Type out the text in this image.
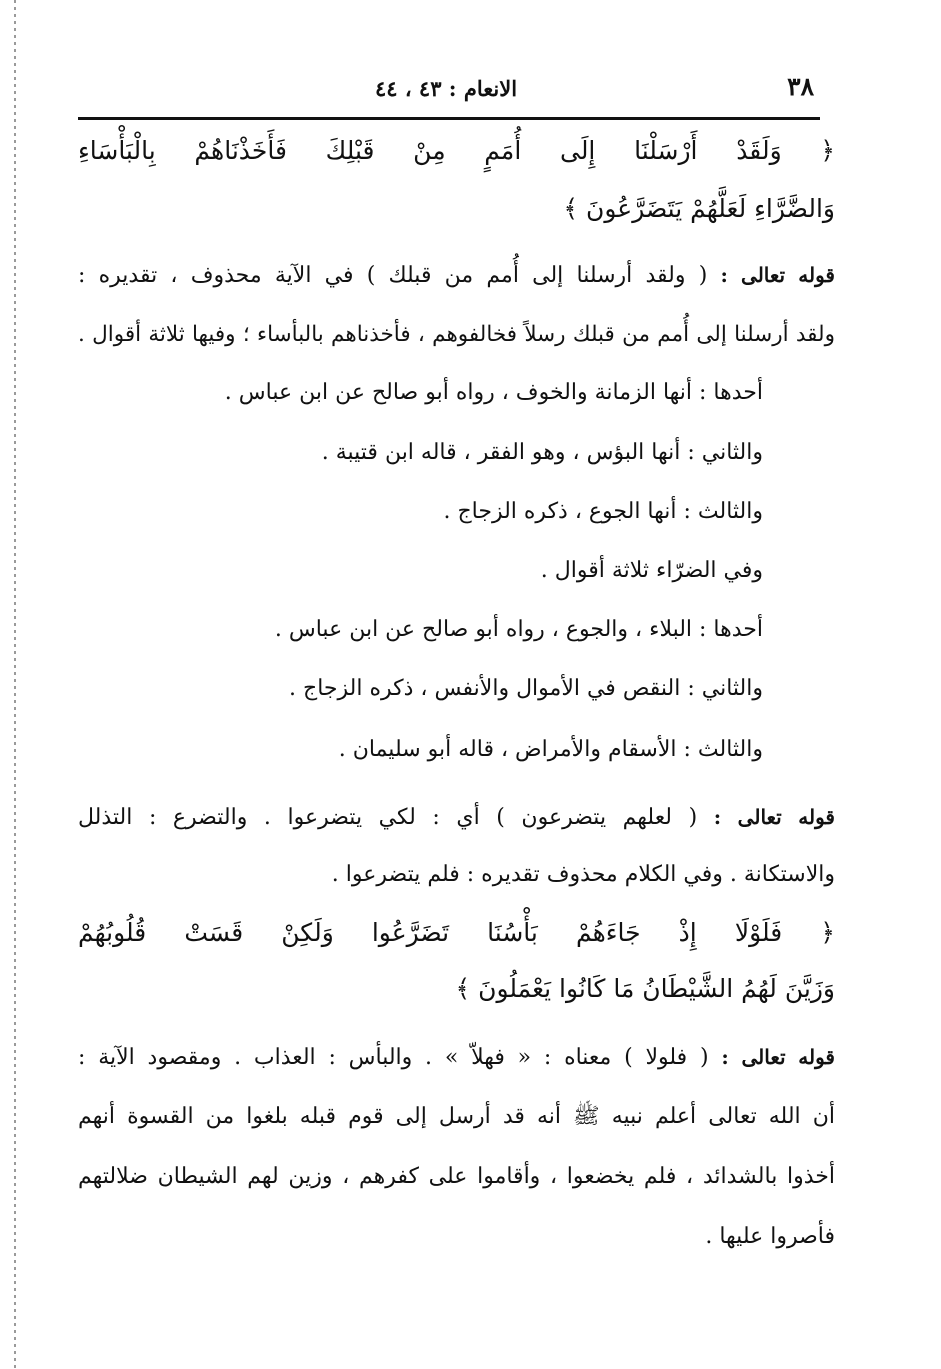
٣٨
الانعام : ٤٣ ، ٤٤
﴿ وَلَقَدْ أَرْسَلْنَا إِلَى أُمَمٍ مِنْ قَبْلِكَ فَأَخَذْنَاهُمْ بِالْبَأْسَاءِ
وَالضَّرَّاءِ لَعَلَّهُمْ يَتَضَرَّعُونَ ﴾
قوله تعالى : ( ولقد أرسلنا إلى أُمم من قبلك ) في الآية محذوف ، تقديره :
ولقد أرسلنا إلى أُمم من قبلك رسلاً فخالفوهم ، فأخذناهم بالبأساء ؛ وفيها ثلاثة أقوال .
أحدها : أنها الزمانة والخوف ، رواه أبو صالح عن ابن عباس .
والثاني : أنها البؤس ، وهو الفقر ، قاله ابن قتيبة .
والثالث : أنها الجوع ، ذكره الزجاج .
وفي الضرّاء ثلاثة أقوال .
أحدها : البلاء ، والجوع ، رواه أبو صالح عن ابن عباس .
والثاني : النقص في الأموال والأنفس ، ذكره الزجاج .
والثالث : الأسقام والأمراض ، قاله أبو سليمان .
قوله تعالى : ( لعلهم يتضرعون ) أي : لكي يتضرعوا . والتضرع : التذلل
والاستكانة . وفي الكلام محذوف تقديره : فلم يتضرعوا .
﴿ فَلَوْلَا إِذْ جَاءَهُمْ بَأْسُنَا تَضَرَّعُوا وَلَكِنْ قَسَتْ قُلُوبُهُمْ
وَزَيَّنَ لَهُمُ الشَّيْطَانُ مَا كَانُوا يَعْمَلُونَ ﴾
قوله تعالى : ( فلولا ) معناه : « فهلاّ » . والبأس : العذاب . ومقصود الآية :
أن الله تعالى أعلم نبيه ﷺ أنه قد أرسل إلى قوم قبله بلغوا من القسوة أنهم
أخذوا بالشدائد ، فلم يخضعوا ، وأقاموا على كفرهم ، وزين لهم الشيطان ضلالتهم
فأصروا عليها .
